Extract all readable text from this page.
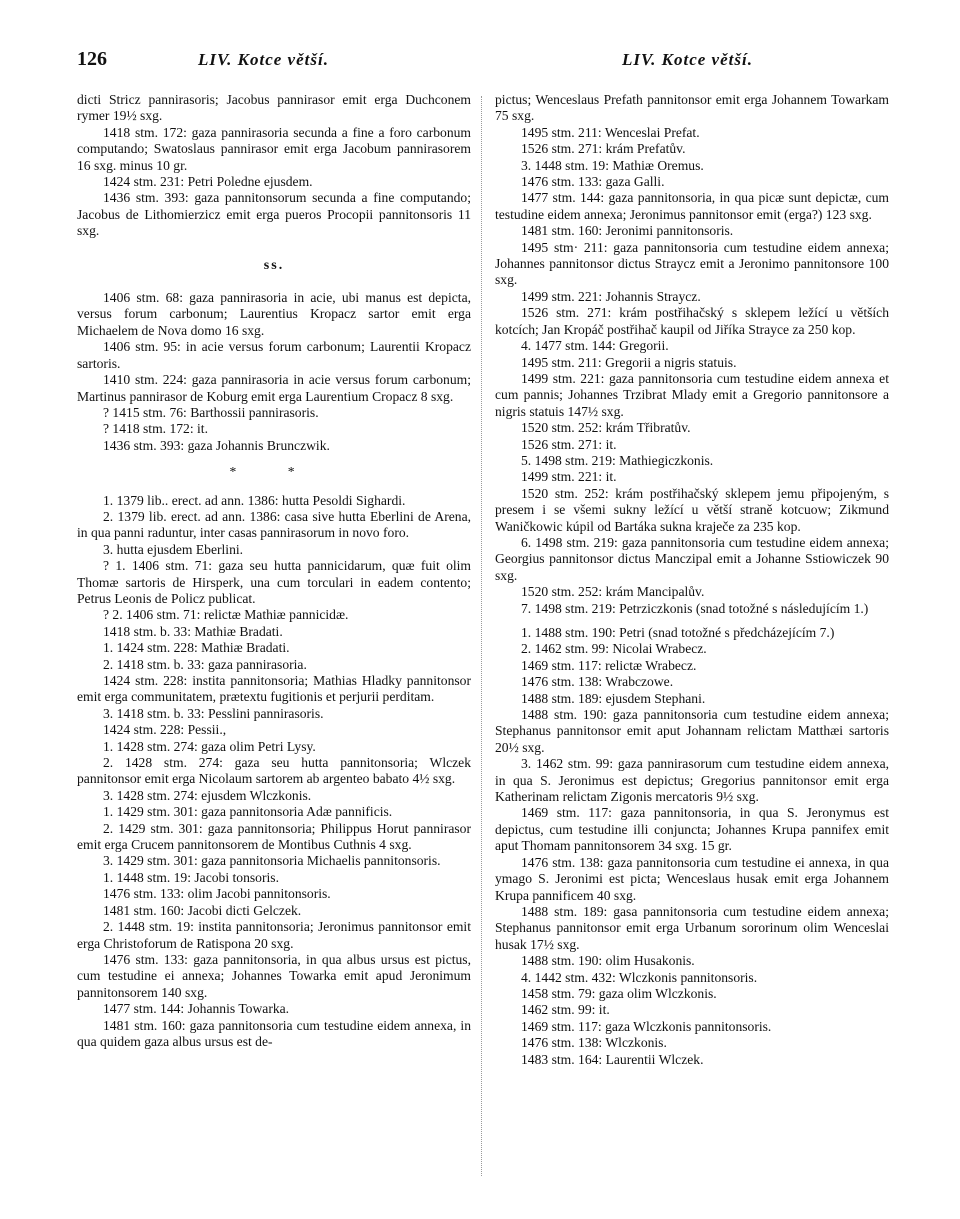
126	LIV. Kotce větší.	LIV. Kotce větší.

dicti Stricz pannirasoris; Jacobus pannirasor emit erga Duchconem rymer 19½ sxg.

1418 stm. 172: gaza pannirasoria secunda a fine a foro carbonum computando; Swatoslaus pannirasor emit erga Jacobum pannirasorem 16 sxg. minus 10 gr.

1424 stm. 231: Petri Poledne ejusdem.

1436 stm. 393: gaza pannitonsorum secunda a fine computando; Jacobus de Lithomierzicz emit erga pueros Procopii pannitonsoris 11 sxg.

ss.

1406 stm. 68: gaza pannirasoria in acie, ubi manus est depicta, versus forum carbonum; Laurentius Kropacz sartor emit erga Michaelem de Nova domo 16 sxg.

1406 stm. 95: in acie versus forum carbonum; Laurentii Kropacz sartoris.

1410 stm. 224: gaza pannirasoria in acie versus forum carbonum; Martinus pannirasor de Koburg emit erga Laurentium Cropacz 8 sxg.

? 1415 stm. 76: Barthossii pannirasoris.

? 1418 stm. 172: it.

1436 stm. 393: gaza Johannis Brunczwik.

* *

1. 1379 lib.. erect. ad ann. 1386: hutta Pesoldi Sighardi.

2. 1379 lib. erect. ad ann. 1386: casa sive hutta Eberlini de Arena, in qua panni raduntur, inter casas pannirasorum in novo foro.

3. hutta ejusdem Eberlini.

? 1. 1406 stm. 71: gaza seu hutta pannicidarum, quæ fuit olim Thomæ sartoris de Hirsperk, una cum torculari in eadem contento; Petrus Leonis de Policz publicat.

? 2. 1406 stm. 71: relictæ Mathiæ pannicidæ.

1418 stm. b. 33: Mathiæ Bradati.

1. 1424 stm. 228: Mathiæ Bradati.

2. 1418 stm. b. 33: gaza pannirasoria.

1424 stm. 228: instita pannitonsoria; Mathias Hladky pannitonsor emit erga communitatem, prætextu fugitionis et perjurii perditam.

3. 1418 stm. b. 33: Pesslini pannirasoris.

1424 stm. 228: Pessii.,

1. 1428 stm. 274: gaza olim Petri Lysy.

2. 1428 stm. 274: gaza seu hutta pannitonsoria; Wlczek pannitonsor emit erga Nicolaum sartorem ab argenteo babato 4½ sxg.

3. 1428 stm. 274: ejusdem Wlczkonis.

1. 1429 stm. 301: gaza pannitonsoria Adæ pannificis.

2. 1429 stm. 301: gaza pannitonsoria; Philippus Horut pannirasor emit erga Crucem pannitonsorem de Montibus Cuthnis 4 sxg.

3. 1429 stm. 301: gaza pannitonsoria Michaelis pannitonsoris.

1. 1448 stm. 19: Jacobi tonsoris.

1476 stm. 133: olim Jacobi pannitonsoris.

1481 stm. 160: Jacobi dicti Gelczek.

2. 1448 stm. 19: instita pannitonsoria; Jeronimus pannitonsor emit erga Christoforum de Ratispona 20 sxg.

1476 stm. 133: gaza pannitonsoria, in qua albus ursus est pictus, cum testudine ei annexa; Johannes Towarka emit apud Jeronimum pannitonsorem 140 sxg.

1477 stm. 144: Johannis Towarka.

1481 stm. 160: gaza pannitonsoria cum testudine eidem annexa, in qua quidem gaza albus ursus est de-

pictus; Wenceslaus Prefath pannitonsor emit erga Johannem Towarkam 75 sxg.

1495 stm. 211: Wenceslai Prefat.

1526 stm. 271: krám Prefatův.

3. 1448 stm. 19: Mathiæ Oremus.

1476 stm. 133: gaza Galli.

1477 stm. 144: gaza pannitonsoria, in qua picæ sunt depictæ, cum testudine eidem annexa; Jeronimus pannitonsor emit (erga?) 123 sxg.

1481 stm. 160: Jeronimi pannitonsoris.

1495 stm· 211: gaza pannitonsoria cum testudine eidem annexa; Johannes pannitonsor dictus Straycz emit a Jeronimo pannitonsore 100 sxg.

1499 stm. 221: Johannis Straycz.

1526 stm. 271: krám postřihačský s sklepem ležící u větších kotcích; Jan Kropáč postřihač kaupil od Jiříka Strayce za 250 kop.

4. 1477 stm. 144: Gregorii.

1495 stm. 211: Gregorii a nigris statuis.

1499 stm. 221: gaza pannitonsoria cum testudine eidem annexa et cum pannis; Johannes Trzibrat Mlady emit a Gregorio pannitonsore a nigris statuis 147½ sxg.

1520 stm. 252: krám Třibratův.

1526 stm. 271: it.

5. 1498 stm. 219: Mathiegiczkonis.

1499 stm. 221: it.

1520 stm. 252: krám postřihačský sklepem jemu připojeným, s presem i se všemi sukny ležící u větší straně kotcuow; Zikmund Waničkowic kúpil od Bartáka sukna kraječe za 235 kop.

6. 1498 stm. 219: gaza pannitonsoria cum testudine eidem annexa; Georgius pannitonsor dictus Manczipal emit a Johanne Sstiowiczek 90 sxg.

1520 stm. 252: krám Mancipalův.

7. 1498 stm. 219: Petrziczkonis (snad totožné s následujícím 1.)

1. 1488 stm. 190: Petri (snad totožné s předcházejícím 7.)

2. 1462 stm. 99: Nicolai Wrabecz.

1469 stm. 117: relictæ Wrabecz.

1476 stm. 138: Wrabczowe.

1488 stm. 189: ejusdem Stephani.

1488 stm. 190: gaza pannitonsoria cum testudine eidem annexa; Stephanus pannitonsor emit aput Johannam relictam Matthæi sartoris 20½ sxg.

3. 1462 stm. 99: gaza pannirasorum cum testudine eidem annexa, in qua S. Jeronimus est depictus; Gregorius pannitonsor emit erga Katherinam relictam Zigonis mercatoris 9½ sxg.

1469 stm. 117: gaza pannitonsoria, in qua S. Jeronymus est depictus, cum testudine illi conjuncta; Johannes Krupa pannifex emit aput Thomam pannitonsorem 34 sxg. 15 gr.

1476 stm. 138: gaza pannitonsoria cum testudine ei annexa, in qua ymago S. Jeronimi est picta; Wenceslaus husak emit erga Johannem Krupa pannificem 40 sxg.

1488 stm. 189: gasa pannitonsoria cum testudine eidem annexa; Stephanus pannitonsor emit erga Urbanum sororinum olim Wenceslai husak 17½ sxg.

1488 stm. 190: olim Husakonis.

4. 1442 stm. 432: Wlczkonis pannitonsoris.

1458 stm. 79: gaza olim Wlczkonis.

1462 stm. 99: it.

1469 stm. 117: gaza Wlczkonis pannitonsoris.

1476 stm. 138: Wlczkonis.

1483 stm. 164: Laurentii Wlczek.
